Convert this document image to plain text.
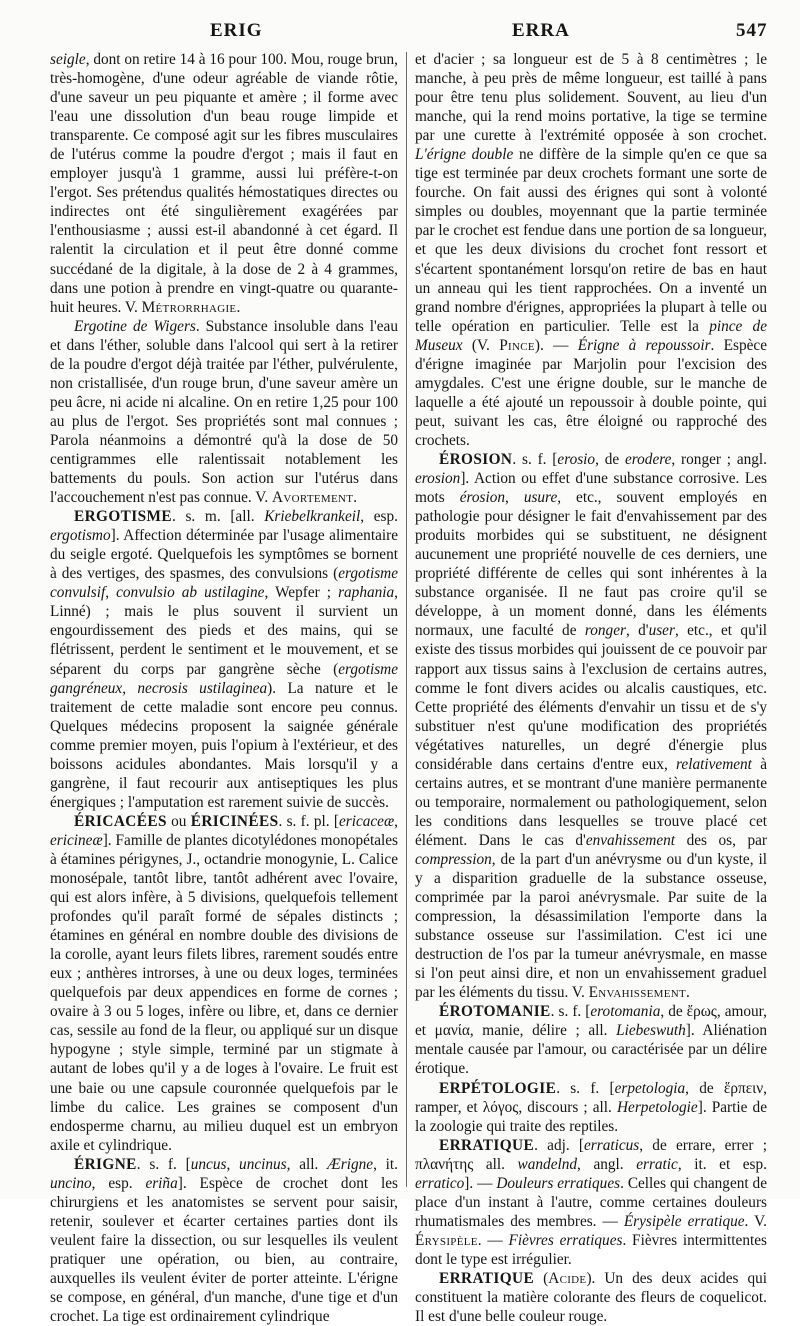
ERIG	ERRA	547

seigle, dont on retire 14 à 16 pour 100. Mou, rouge brun, très-homogène, d'une odeur agréable de viande rôtie, d'une saveur un peu piquante et amère ; il forme avec l'eau une dissolution d'un beau rouge limpide et transparente. Ce composé agit sur les fibres musculaires de l'utérus comme la poudre d'ergot ; mais il faut en employer jusqu'à 1 gramme, aussi lui préfère-t-on l'ergot. Ses prétendus qualités hémostatiques directes ou indirectes ont été singulièrement exagérées par l'enthousiasme ; aussi est-il abandonné à cet égard. Il ralentit la circulation et il peut être donné comme succédané de la digitale, à la dose de 2 à 4 grammes, dans une potion à prendre en vingt-quatre ou quarante-huit heures. V. Métrorrhagie.

Ergotine de Wigers. Substance insoluble dans l'eau et dans l'éther, soluble dans l'alcool qui sert à la retirer de la poudre d'ergot déjà traitée par l'éther, pulvérulente, non cristallisée, d'un rouge brun, d'une saveur amère un peu âcre, ni acide ni alcaline. On en retire 1,25 pour 100 au plus de l'ergot. Ses propriétés sont mal connues ; Parola néanmoins a démontré qu'à la dose de 50 centigrammes elle ralentissait notablement les battements du pouls. Son action sur l'utérus dans l'accouchement n'est pas connue. V. Avortement.

ERGOTISME. s. m. [all. Kriebelkrankeil, esp. ergotismo]. Affection déterminée par l'usage alimentaire du seigle ergoté. Quelquefois les symptômes se bornent à des vertiges, des spasmes, des convulsions (ergotisme convulsif, convulsio ab ustilagine, Wepfer ; raphania, Linné) ; mais le plus souvent il survient un engourdissement des pieds et des mains, qui se flétrissent, perdent le sentiment et le mouvement, et se séparent du corps par gangrène sèche (ergotisme gangréneux, necrosis ustilaginea). La nature et le traitement de cette maladie sont encore peu connus. Quelques médecins proposent la saignée générale comme premier moyen, puis l'opium à l'extérieur, et des boissons acidules abondantes. Mais lorsqu'il y a gangrène, il faut recourir aux antiseptiques les plus énergiques ; l'amputation est rarement suivie de succès.

ÉRICACÉES ou ÉRICINÉES. s. f. pl. [ericaceæ, ericineæ]. Famille de plantes dicotylédones monopétales à étamines périgynes, J., octandrie monogynie, L. Calice monosépale, tantôt libre, tantôt adhérent avec l'ovaire, qui est alors infère, à 5 divisions, quelquefois tellement profondes qu'il paraît formé de sépales distincts ; étamines en général en nombre double des divisions de la corolle, ayant leurs filets libres, rarement soudés entre eux ; anthères introrses, à une ou deux loges, terminées quelquefois par deux appendices en forme de cornes ; ovaire à 3 ou 5 loges, infère ou libre, et, dans ce dernier cas, sessile au fond de la fleur, ou appliqué sur un disque hypogyne ; style simple, terminé par un stigmate à autant de lobes qu'il y a de loges à l'ovaire. Le fruit est une baie ou une capsule couronnée quelquefois par le limbe du calice. Les graines se composent d'un endosperme charnu, au milieu duquel est un embryon axile et cylindrique.

ÉRIGNE. s. f. [uncus, uncinus, all. Ærigne, it. uncino, esp. eriña]. Espèce de crochet dont les chirurgiens et les anatomistes se servent pour saisir, retenir, soulever et écarter certaines parties dont ils veulent faire la dissection, ou sur lesquelles ils veulent pratiquer une opération, ou bien, au contraire, auxquelles ils veulent éviter de porter atteinte. L'érigne se compose, en général, d'un manche, d'une tige et d'un crochet. La tige est ordinairement cylindrique

et d'acier ; sa longueur est de 5 à 8 centimètres ; le manche, à peu près de même longueur, est taillé à pans pour être tenu plus solidement. Souvent, au lieu d'un manche, qui la rend moins portative, la tige se termine par une curette à l'extrémité opposée à son crochet. L'érigne double ne diffère de la simple qu'en ce que sa tige est terminée par deux crochets formant une sorte de fourche. On fait aussi des érignes qui sont à volonté simples ou doubles, moyennant que la partie terminée par le crochet est fendue dans une portion de sa longueur, et que les deux divisions du crochet font ressort et s'écartent spontanément lorsqu'on retire de bas en haut un anneau qui les tient rapprochées. On a inventé un grand nombre d'érignes, appropriées la plupart à telle ou telle opération en particulier. Telle est la pince de Museux (V. Pince). — Érigne à repoussoir. Espèce d'érigne imaginée par Marjolin pour l'excision des amygdales. C'est une érigne double, sur le manche de laquelle a été ajouté un repoussoir à double pointe, qui peut, suivant les cas, être éloigné ou rapproché des crochets.

ÉROSION. s. f. [erosio, de erodere, ronger ; angl. erosion]. Action ou effet d'une substance corrosive. Les mots érosion, usure, etc., souvent employés en pathologie pour désigner le fait d'envahissement par des produits morbides qui se substituent, ne désignent aucunement une propriété nouvelle de ces derniers, une propriété différente de celles qui sont inhérentes à la substance organisée. Il ne faut pas croire qu'il se développe, à un moment donné, dans les éléments normaux, une faculté de ronger, d'user, etc., et qu'il existe des tissus morbides qui jouissent de ce pouvoir par rapport aux tissus sains à l'exclusion de certains autres, comme le font divers acides ou alcalis caustiques, etc. Cette propriété des éléments d'envahir un tissu et de s'y substituer n'est qu'une modification des propriétés végétatives naturelles, un degré d'énergie plus considérable dans certains d'entre eux, relativement à certains autres, et se montrant d'une manière permanente ou temporaire, normalement ou pathologiquement, selon les conditions dans lesquelles se trouve placé cet élément. Dans le cas d'envahissement des os, par compression, de la part d'un anévrysme ou d'un kyste, il y a disparition graduelle de la substance osseuse, comprimée par la paroi anévrysmale. Par suite de la compression, la désassimilation l'emporte dans la substance osseuse sur l'assimilation. C'est ici une destruction de l'os par la tumeur anévrysmale, en masse si l'on peut ainsi dire, et non un envahissement graduel par les éléments du tissu. V. Envahissement.

ÉROTOMANIE. s. f. [erotomania, de ἔρως, amour, et μανία, manie, délire ; all. Liebeswuth]. Aliénation mentale causée par l'amour, ou caractérisée par un délire érotique.

ERPÉTOLOGIE. s. f. [erpetologia, de ἕρπειν, ramper, et λόγος, discours ; all. Herpetologie]. Partie de la zoologie qui traite des reptiles.

ERRATIQUE. adj. [erraticus, de errare, errer ; πλανήτης all. wandelnd, angl. erratic, it. et esp. erratico]. — Douleurs erratiques. Celles qui changent de place d'un instant à l'autre, comme certaines douleurs rhumatismales des membres. — Érysipèle erratique. V. Érysipèle. — Fièvres erratiques. Fièvres intermittentes dont le type est irrégulier.

ERRATIQUE (Acide). Un des deux acides qui constituent la matière colorante des fleurs de coquelicot. Il est d'une belle couleur rouge.
